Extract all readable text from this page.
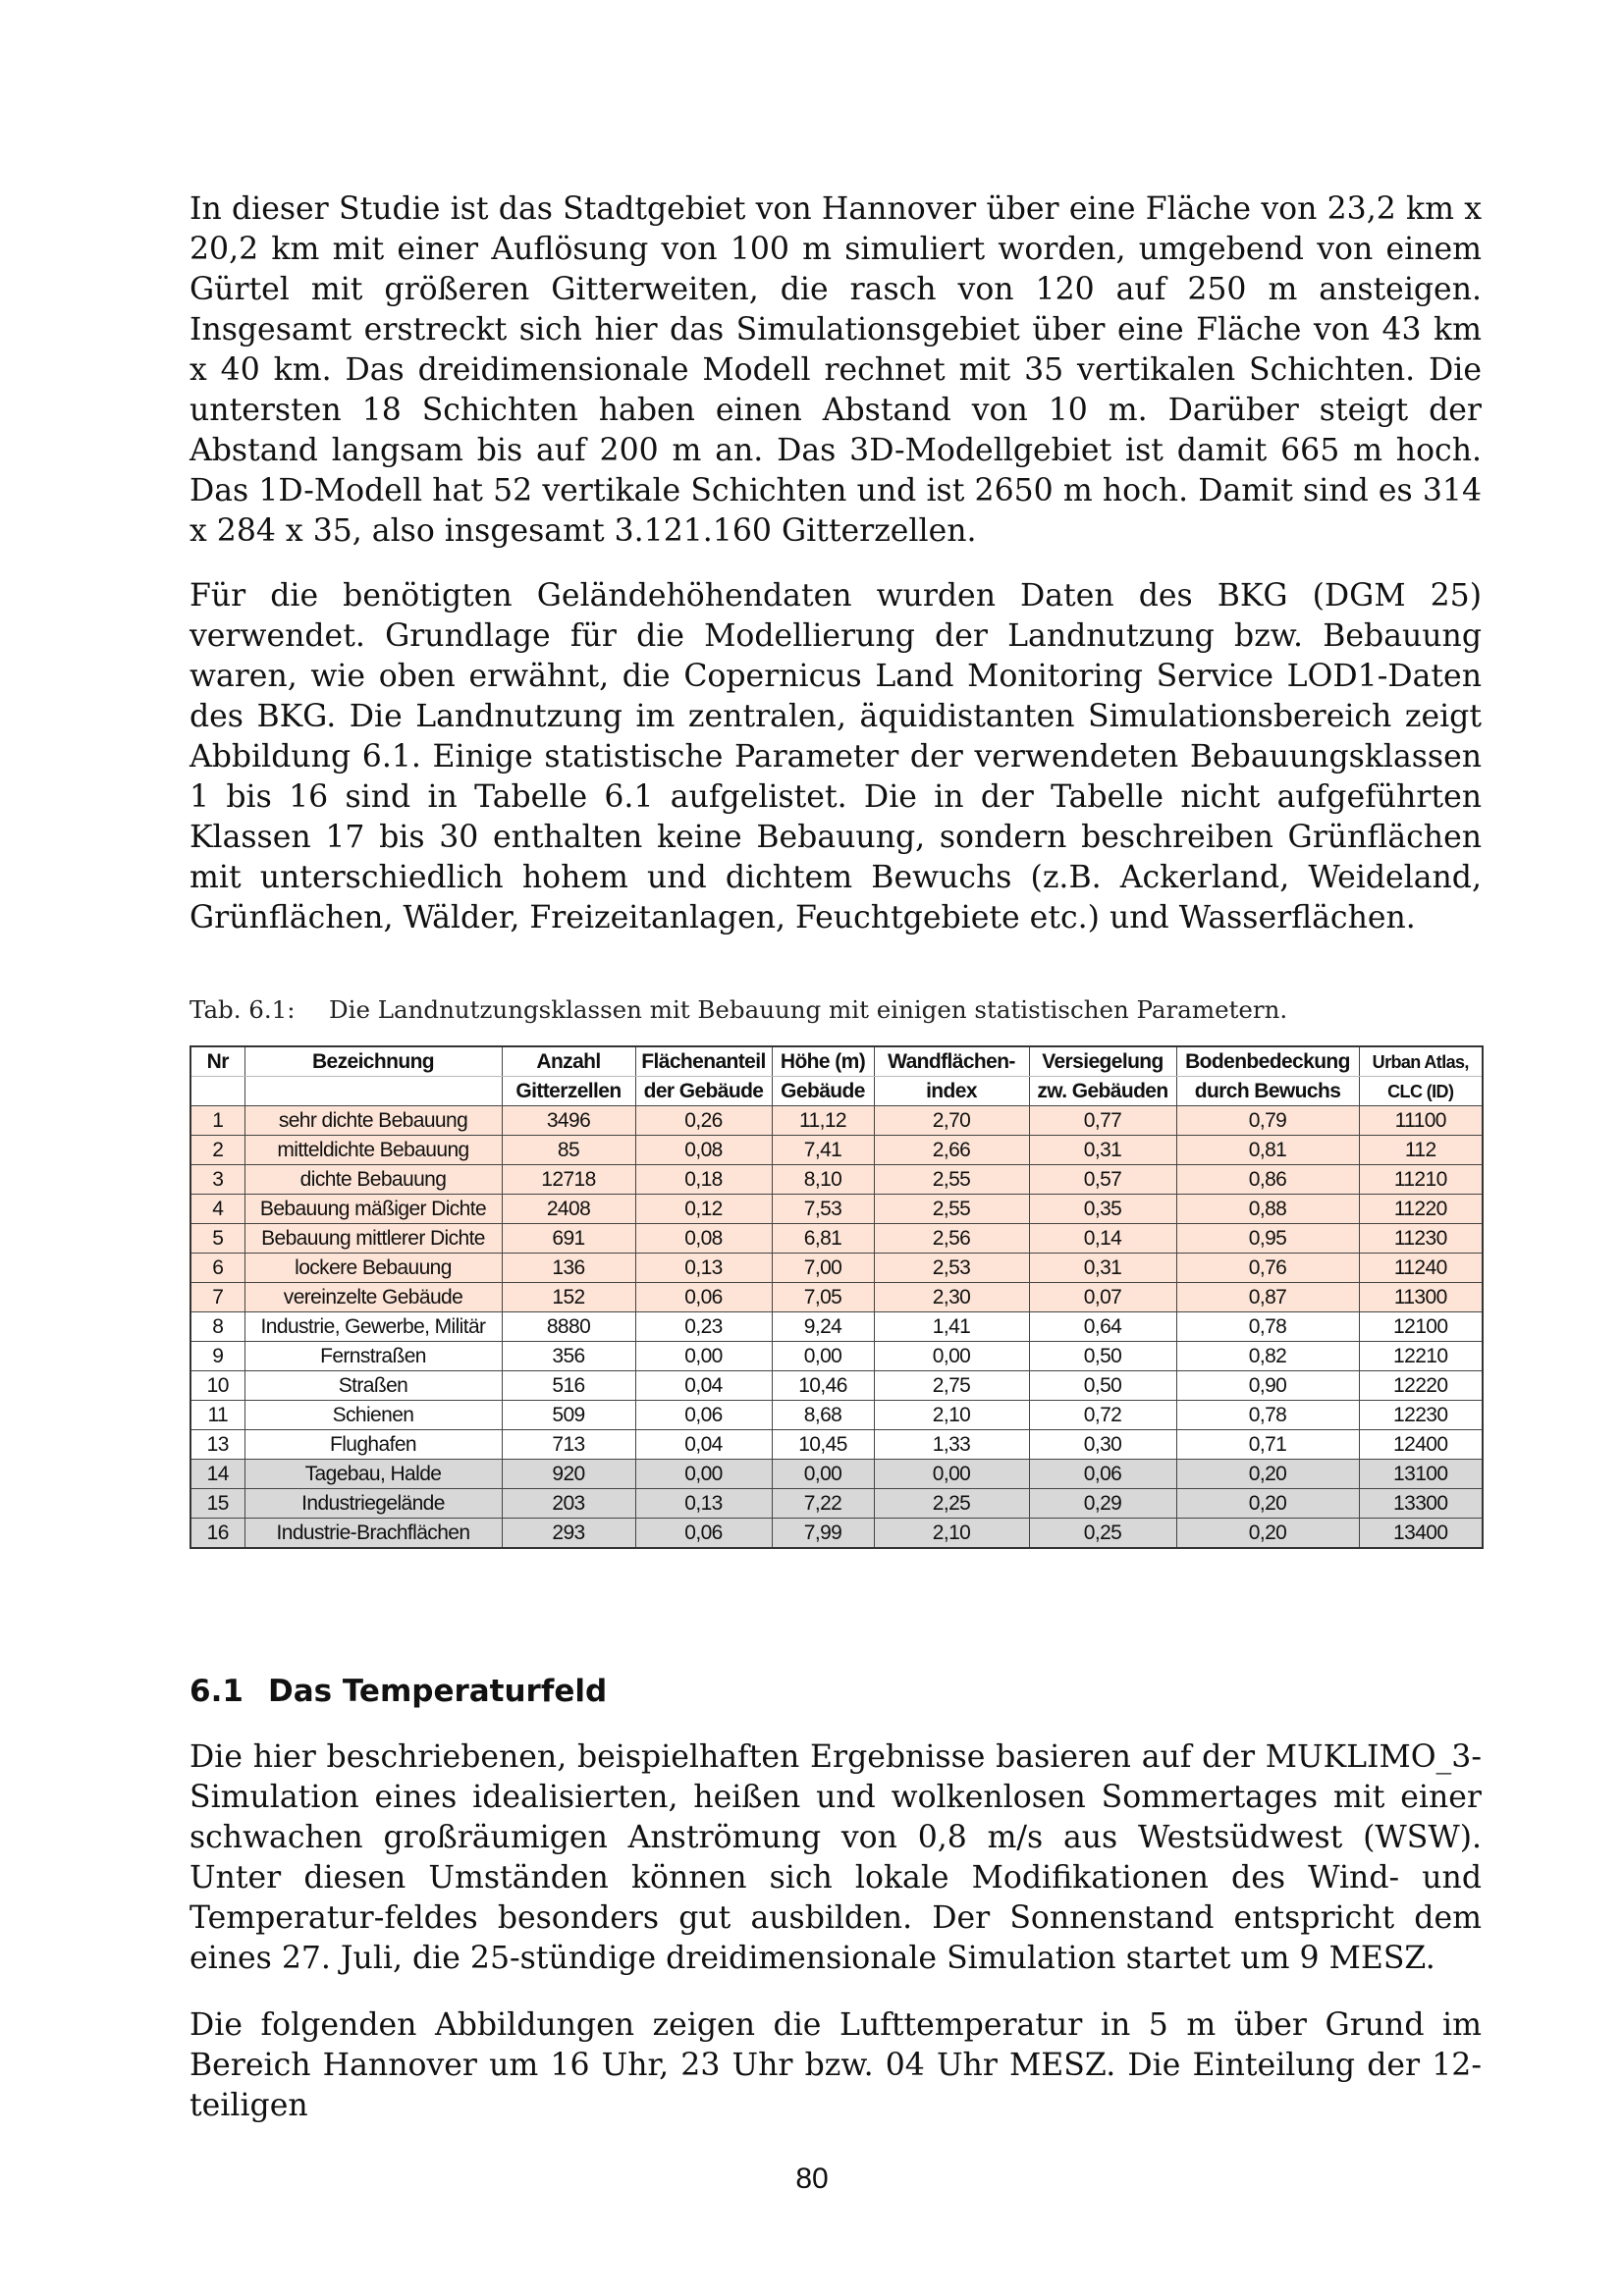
In dieser Studie ist das Stadtgebiet von Hannover über eine Fläche von 23,2 km x 20,2 km mit einer Auflösung von 100 m simuliert worden, umgebend von einem Gürtel mit größeren Gitterweiten, die rasch von 120 auf 250 m ansteigen. Insgesamt erstreckt sich hier das Simulationsgebiet über eine Fläche von 43 km x 40 km. Das dreidimensionale Modell rechnet mit 35 vertikalen Schichten. Die untersten 18 Schichten haben einen Abstand von 10 m. Darüber steigt der Abstand langsam bis auf 200 m an. Das 3D-Modellgebiet ist damit 665 m hoch. Das 1D-Modell hat 52 vertikale Schichten und ist 2650 m hoch. Damit sind es 314 x 284 x 35, also insgesamt 3.121.160 Gitterzellen.

Für die benötigten Geländehöhendaten wurden Daten des BKG (DGM 25) verwendet. Grundlage für die Modellierung der Landnutzung bzw. Bebauung waren, wie oben erwähnt, die Copernicus Land Monitoring Service LOD1-Daten des BKG. Die Landnutzung im zentralen, äquidistanten Simulationsbereich zeigt Abbildung 6.1. Einige statistische Parameter der verwendeten Bebauungsklassen 1 bis 16 sind in Tabelle 6.1 aufgelistet. Die in der Tabelle nicht aufgeführten Klassen 17 bis 30 enthalten keine Bebauung, sondern beschreiben Grünflächen mit unterschiedlich hohem und dichtem Bewuchs (z.B. Ackerland, Weideland, Grünflächen, Wälder, Freizeitanlagen, Feuchtgebiete etc.) und Wasserflächen.

Tab. 6.1: Die Landnutzungsklassen mit Bebauung mit einigen statistischen Parametern.
Nr	Bezeichnung	Anzahl	Flächenanteil	Höhe (m)	Wandflächen-	Versiegelung	Bodenbedeckung	Urban Atlas,
		Gitterzellen	der Gebäude	Gebäude	index	zw. Gebäuden	durch Bewuchs	CLC (ID)
1	sehr dichte Bebauung	3496	0,26	11,12	2,70	0,77	0,79	11100
2	mitteldichte Bebauung	85	0,08	7,41	2,66	0,31	0,81	112
3	dichte Bebauung	12718	0,18	8,10	2,55	0,57	0,86	11210
4	Bebauung mäßiger Dichte	2408	0,12	7,53	2,55	0,35	0,88	11220
5	Bebauung mittlerer Dichte	691	0,08	6,81	2,56	0,14	0,95	11230
6	lockere Bebauung	136	0,13	7,00	2,53	0,31	0,76	11240
7	vereinzelte Gebäude	152	0,06	7,05	2,30	0,07	0,87	11300
8	Industrie, Gewerbe, Militär	8880	0,23	9,24	1,41	0,64	0,78	12100
9	Fernstraßen	356	0,00	0,00	0,00	0,50	0,82	12210
10	Straßen	516	0,04	10,46	2,75	0,50	0,90	12220
11	Schienen	509	0,06	8,68	2,10	0,72	0,78	12230
13	Flughafen	713	0,04	10,45	1,33	0,30	0,71	12400
14	Tagebau, Halde	920	0,00	0,00	0,00	0,06	0,20	13100
15	Industriegelände	203	0,13	7,22	2,25	0,29	0,20	13300
16	Industrie-Brachflächen	293	0,06	7,99	2,10	0,25	0,20	13400
6.1 Das Temperaturfeld

Die hier beschriebenen, beispielhaften Ergebnisse basieren auf der MUKLIMO_3-Simulation eines idealisierten, heißen und wolkenlosen Sommertages mit einer schwachen großräumigen Anströmung von 0,8 m/s aus Westsüdwest (WSW). Unter diesen Umständen können sich lokale Modifikationen des Wind- und Temperatur-feldes besonders gut ausbilden. Der Sonnenstand entspricht dem eines 27. Juli, die 25-stündige dreidimensionale Simulation startet um 9 MESZ.

Die folgenden Abbildungen zeigen die Lufttemperatur in 5 m über Grund im Bereich Hannover um 16 Uhr, 23 Uhr bzw. 04 Uhr MESZ. Die Einteilung der 12-teiligen

80
